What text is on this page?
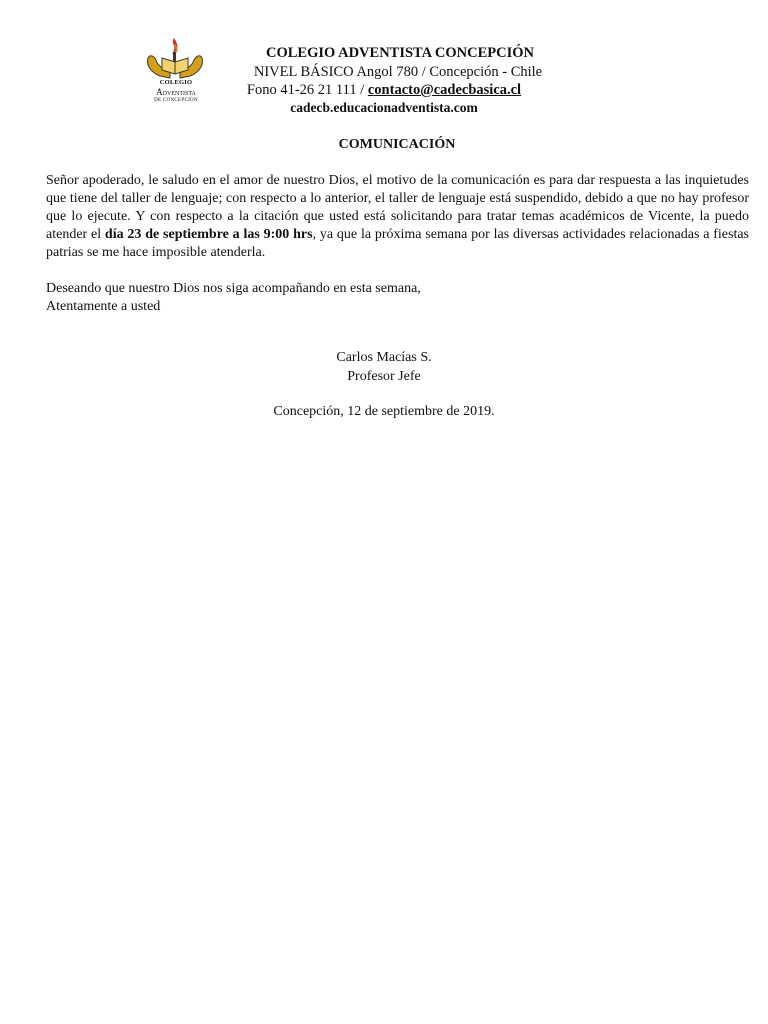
COLEGIO
Adventista
DE CONCEPCION
COLEGIO ADVENTISTA CONCEPCIÓN
NIVEL BÁSICO Angol 780 / Concepción - Chile
Fono 41-26 21 111 / contacto@cadecbasica.cl
cadecb.educacionadventista.com
COMUNICACIÓN
Señor apoderado, le saludo en el amor de nuestro Dios, el motivo de la comunicación es para dar respuesta a las inquietudes que tiene del taller de lenguaje; con respecto a lo anterior, el taller de lenguaje está suspendido, debido a que no hay profesor que lo ejecute. Y con respecto a la citación que usted está solicitando para tratar temas académicos de Vicente, la puedo atender el día 23 de septiembre a las 9:00 hrs, ya que la próxima semana por las diversas actividades relacionadas a fiestas patrias se me hace imposible atenderla.
Deseando que nuestro Dios nos siga acompañando en esta semana,
Atentamente a usted
Carlos Macías S.
Profesor Jefe
Concepción, 12 de septiembre de 2019.
